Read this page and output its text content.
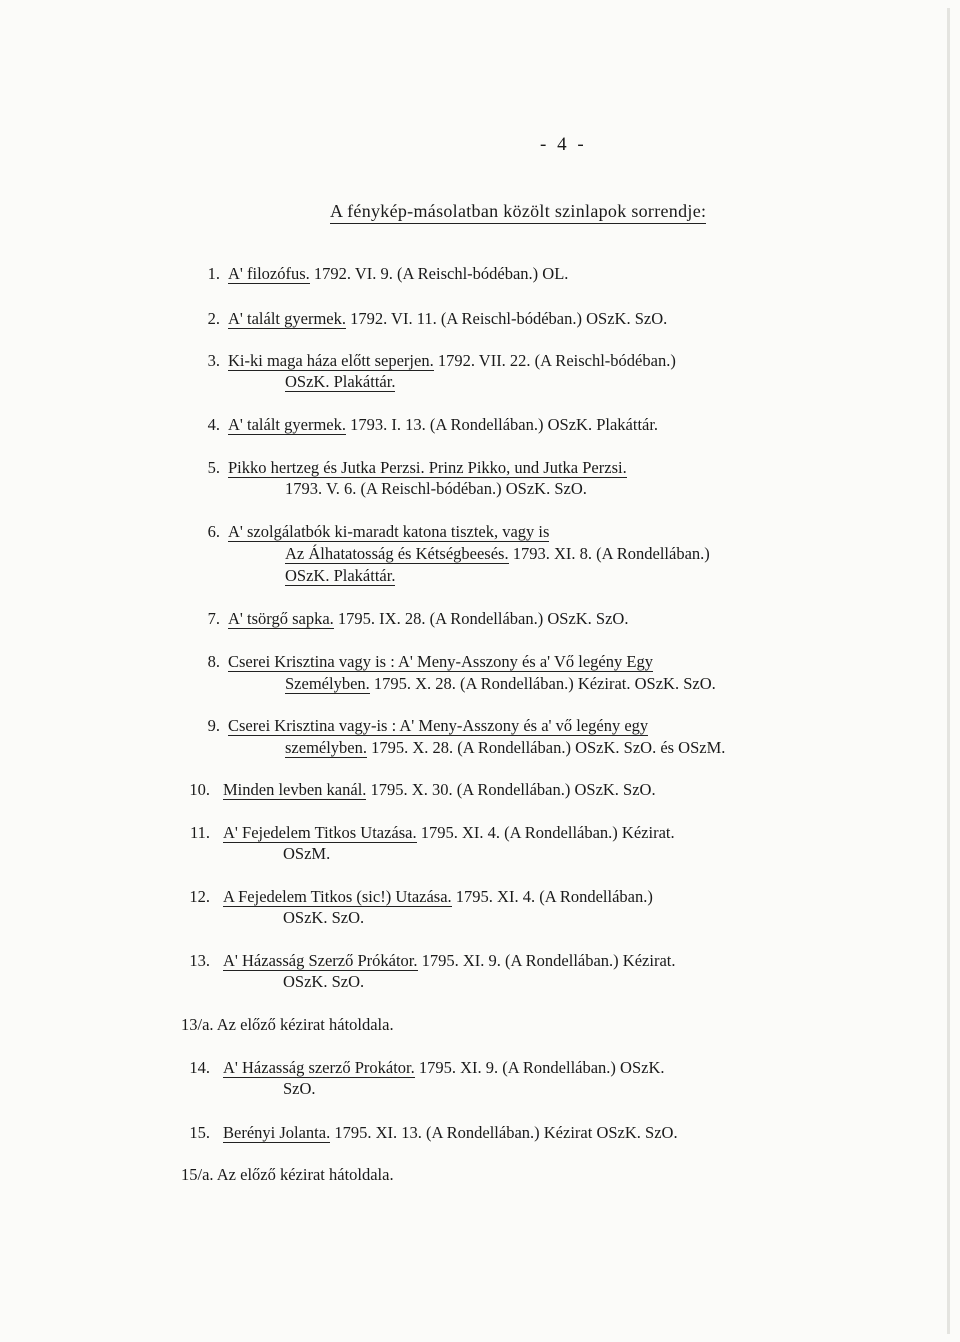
- 4 -
A fénykép-másolatban közölt szinlapok sorrendje:
1. A' filozófus. 1792. VI. 9. (A Reischl-bódéban.) OL.
2. A' talált gyermek. 1792. VI. 11. (A Reischl-bódéban.) OSzK. SzO.
3. Ki-ki maga háza előtt seperjen. 1792. VII. 22. (A Reischl-bódéban.)
OSzK. Plakáttár.
4. A' talált gyermek. 1793. I. 13. (A Rondellában.) OSzK. Plakáttár.
5. Pikko hertzeg és Jutka Perzsi. Prinz Pikko, und Jutka Perzsi.
1793. V. 6. (A Reischl-bódéban.) OSzK. SzO.
6. A' szolgálatbók ki-maradt katona tisztek, vagy is
Az Álhatatosság és Kétségbeesés. 1793. XI. 8. (A Rondellában.)
OSzK. Plakáttár.
7. A' tsörgő sapka. 1795. IX. 28. (A Rondellában.) OSzK. SzO.
8. Cserei Krisztina vagy is : A' Meny-Asszony és a' Vő legény Egy
Személyben. 1795. X. 28. (A Rondellában.) Kézirat. OSzK. SzO.
9. Cserei Krisztina vagy-is : A' Meny-Asszony és a' vő legény egy
személyben. 1795. X. 28. (A Rondellában.) OSzK. SzO. és OSzM.
10. Minden levben kanál. 1795. X. 30. (A Rondellában.) OSzK. SzO.
11. A' Fejedelem Titkos Utazása. 1795. XI. 4. (A Rondellában.) Kézirat.
OSzM.
12. A Fejedelem Titkos (sic!) Utazása. 1795. XI. 4. (A Rondellában.)
OSzK. SzO.
13. A' Házasság Szerző Prókátor. 1795. XI. 9. (A Rondellában.) Kézirat.
OSzK. SzO.
13/a. Az előző kézirat hátoldala.
14. A' Házasság szerző Prokátor. 1795. XI. 9. (A Rondellában.) OSzK.
SzO.
15. Berényi Jolanta. 1795. XI. 13. (A Rondellában.) Kézirat OSzK. SzO.
15/a. Az előző kézirat hátoldala.
